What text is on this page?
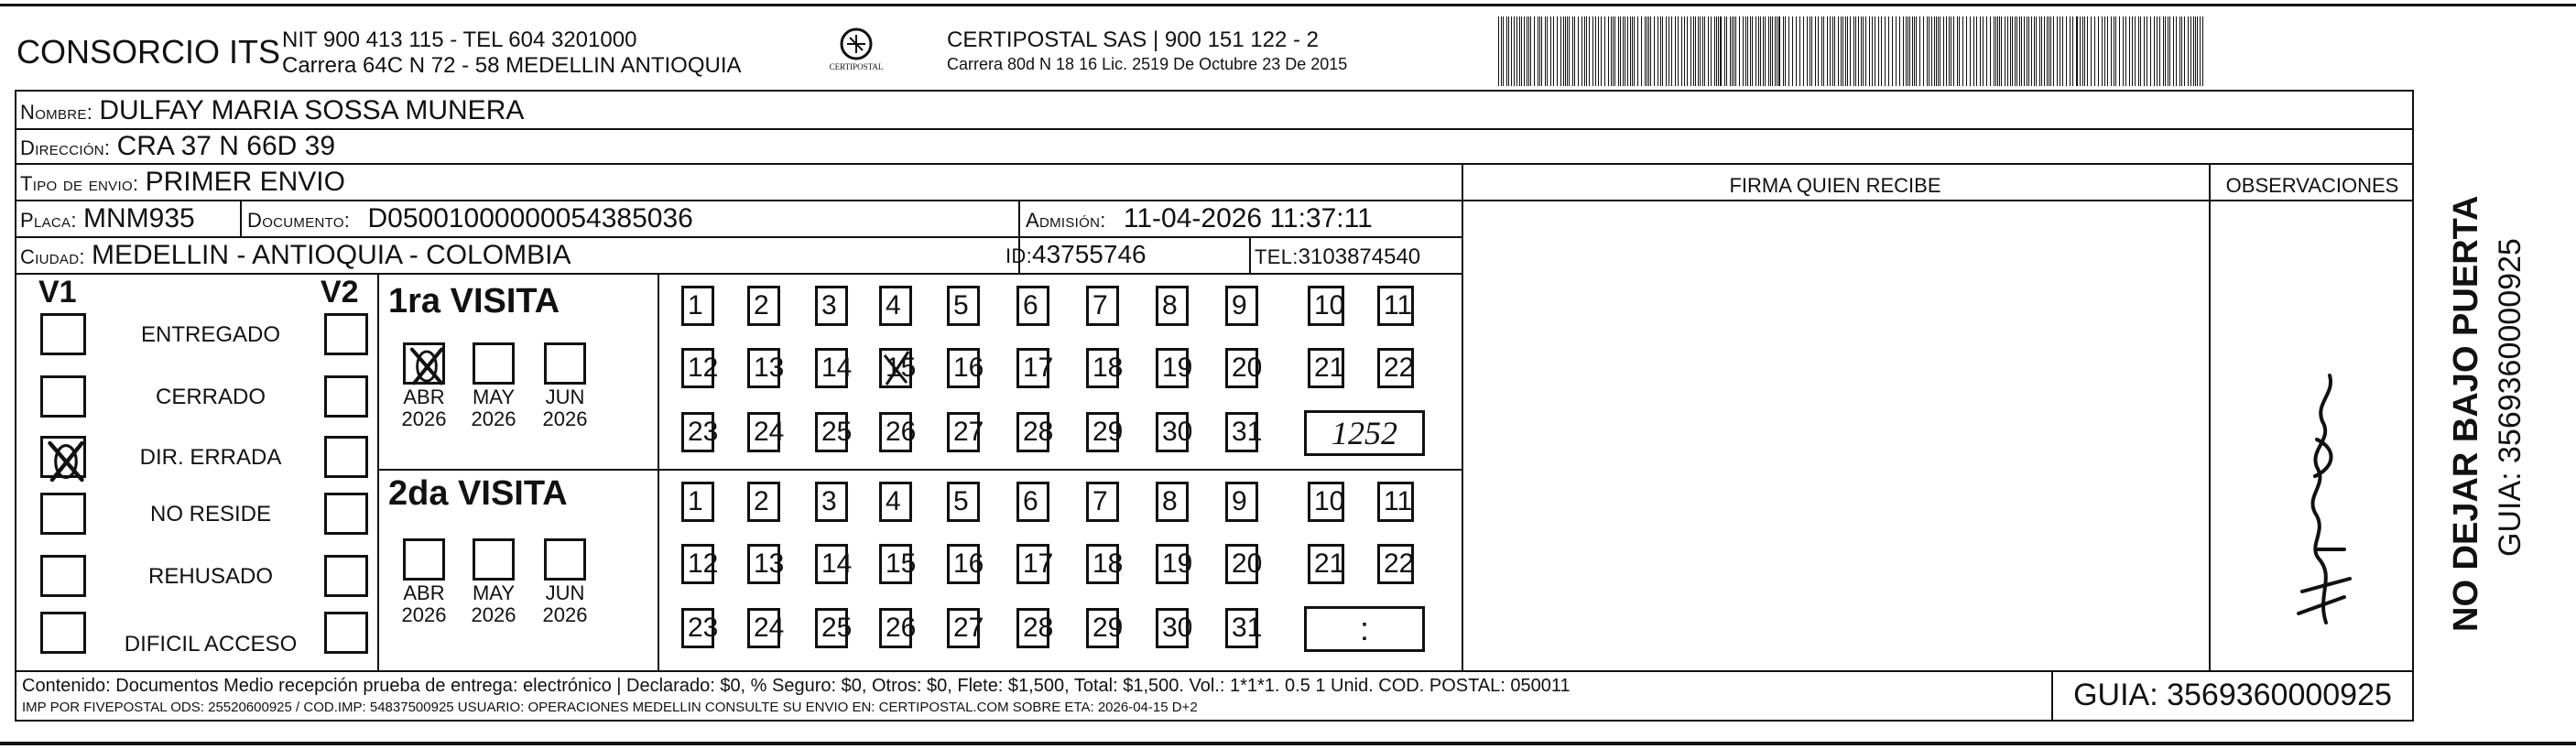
CONSORCIO ITS NIT 900 413 115 - TEL 604 3201000
Carrera 64C N 72 - 58 MEDELLIN ANTIOQUIA	CERTIPOSTAL
CERTIPOSTAL SAS | 900 151 122 - 2
Carrera 80d N 18 16 Lic. 2519 De Octubre 23 De 2015
Nombre: DULFAY MARIA SOSSA MUNERA
Dirección: CRA 37 N 66D 39
Tipo de envio: PRIMER ENVIO	FIRMA QUIEN RECIBE	OBSERVACIONES
Placa: MNM935	Documento: D05001000000054385036	Admisión: 11-04-2026 11:37:11
Ciudad: MEDELLIN - ANTIOQUIA - COLOMBIA	ID:43755746	TEL:3103874540
V1	V2
ENTREGADO
CERRADO
DIR. ERRADA
NO RESIDE
REHUSADO
DIFICIL ACCESO
1ra VISITA
2da VISITA
ABR
2026
MAY
2026
JUN
2026
1	2	3	4	5	6	7	8	9	10 11
12 13 14 15 16 17 18 19 20 21 22
23 24 25 26 27 28 29 30 31	1252
ABR
2026
MAY
2026
JUN
2026
1	2	3	4	5	6	7	8	9	10 11
12 13 14 15 16 17 18 19 20 21 22
23 24 25 26 27 28 29 30 31	:
Contenido: Documentos Medio recepción prueba de entrega: electrónico | Declarado: $0, % Seguro: $0, Otros: $0, Flete: $1,500, Total: $1,500. Vol.: 1*1*1. 0.5 1 Unid. COD. POSTAL: 050011
IMP POR FIVEPOSTAL ODS: 25520600925 / COD.IMP: 54837500925 USUARIO: OPERACIONES MEDELLIN CONSULTE SU ENVIO EN: CERTIPOSTAL.COM SOBRE ETA: 2026-04-15 D+2	GUIA: 3569360000925
NO DEJAR BAJO PUERTA GUIA: 3569360000925
